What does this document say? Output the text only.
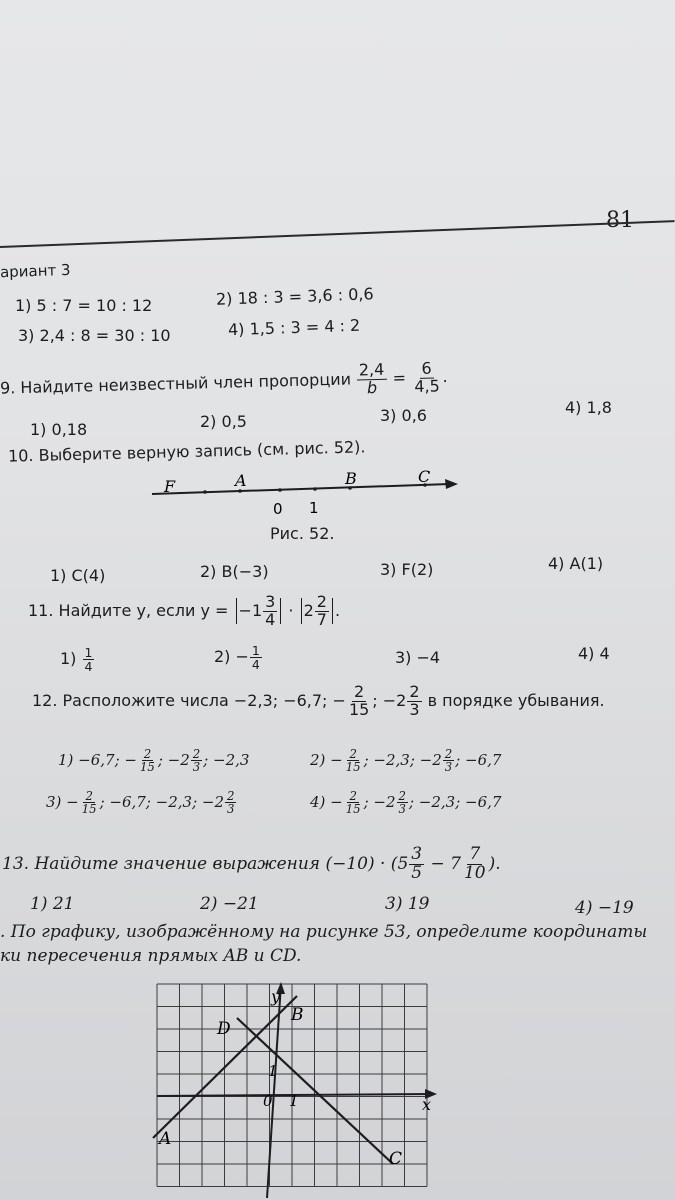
81
ариант 3
1) 5 : 7 = 10 : 12	2) 18 : 3 = 3,6 : 0,6
3) 2,4 : 8 = 30 : 10	4) 1,5 : 3 = 4 : 2
9. Найдите неизвестный член пропорции $\frac{2,4}{b} = \frac{6}{4,5}$ .
1) 0,18	2) 0,5	3) 0,6	4) 1,8
10. Выберите верную запись (см. рис. 52).
F	A	B	C
0 1
Рис. 52.
1) C(4)	2) B(−3)	3) F(2)	4) A(1)
11. Найдите y, если $y = -1 \frac{3}{4} \cdot 2 \frac{2}{7}$ .
$1) \frac{1}{4}$	$2) - \frac{1}{4}$	3) −4	4) 4
12. Расположите числа −2,3; −6,7; − $\frac{2}{15}$ ; $-2 \frac{2}{3}$ в порядке убывания.
1) −6,7; − $\frac{2}{15}$ ; $-2 \frac{2}{3}$ ; −2,3	$2) - \frac{2}{15}$ ; −2,3; $-2 \frac{2}{3}$ ; −6,7
$3) - \frac{2}{15}$ ; −6,7; −2,3; $-2 \frac{2}{3}$	$4) - \frac{2}{15}$ ; $-2 \frac{2}{3}$ ; −2,3; −6,7
13. Найдите значение выражения $(-10) \cdot (5 \frac{3}{5} - 7 \frac{7}{10}$ ).
1) 21	2) −21	3) 19	4) −19
. По графику, изображённому на рисунке 53, определите координаты
ки пересечения прямых AB и CD.
y
x
0 1
1
A
B
C
D
